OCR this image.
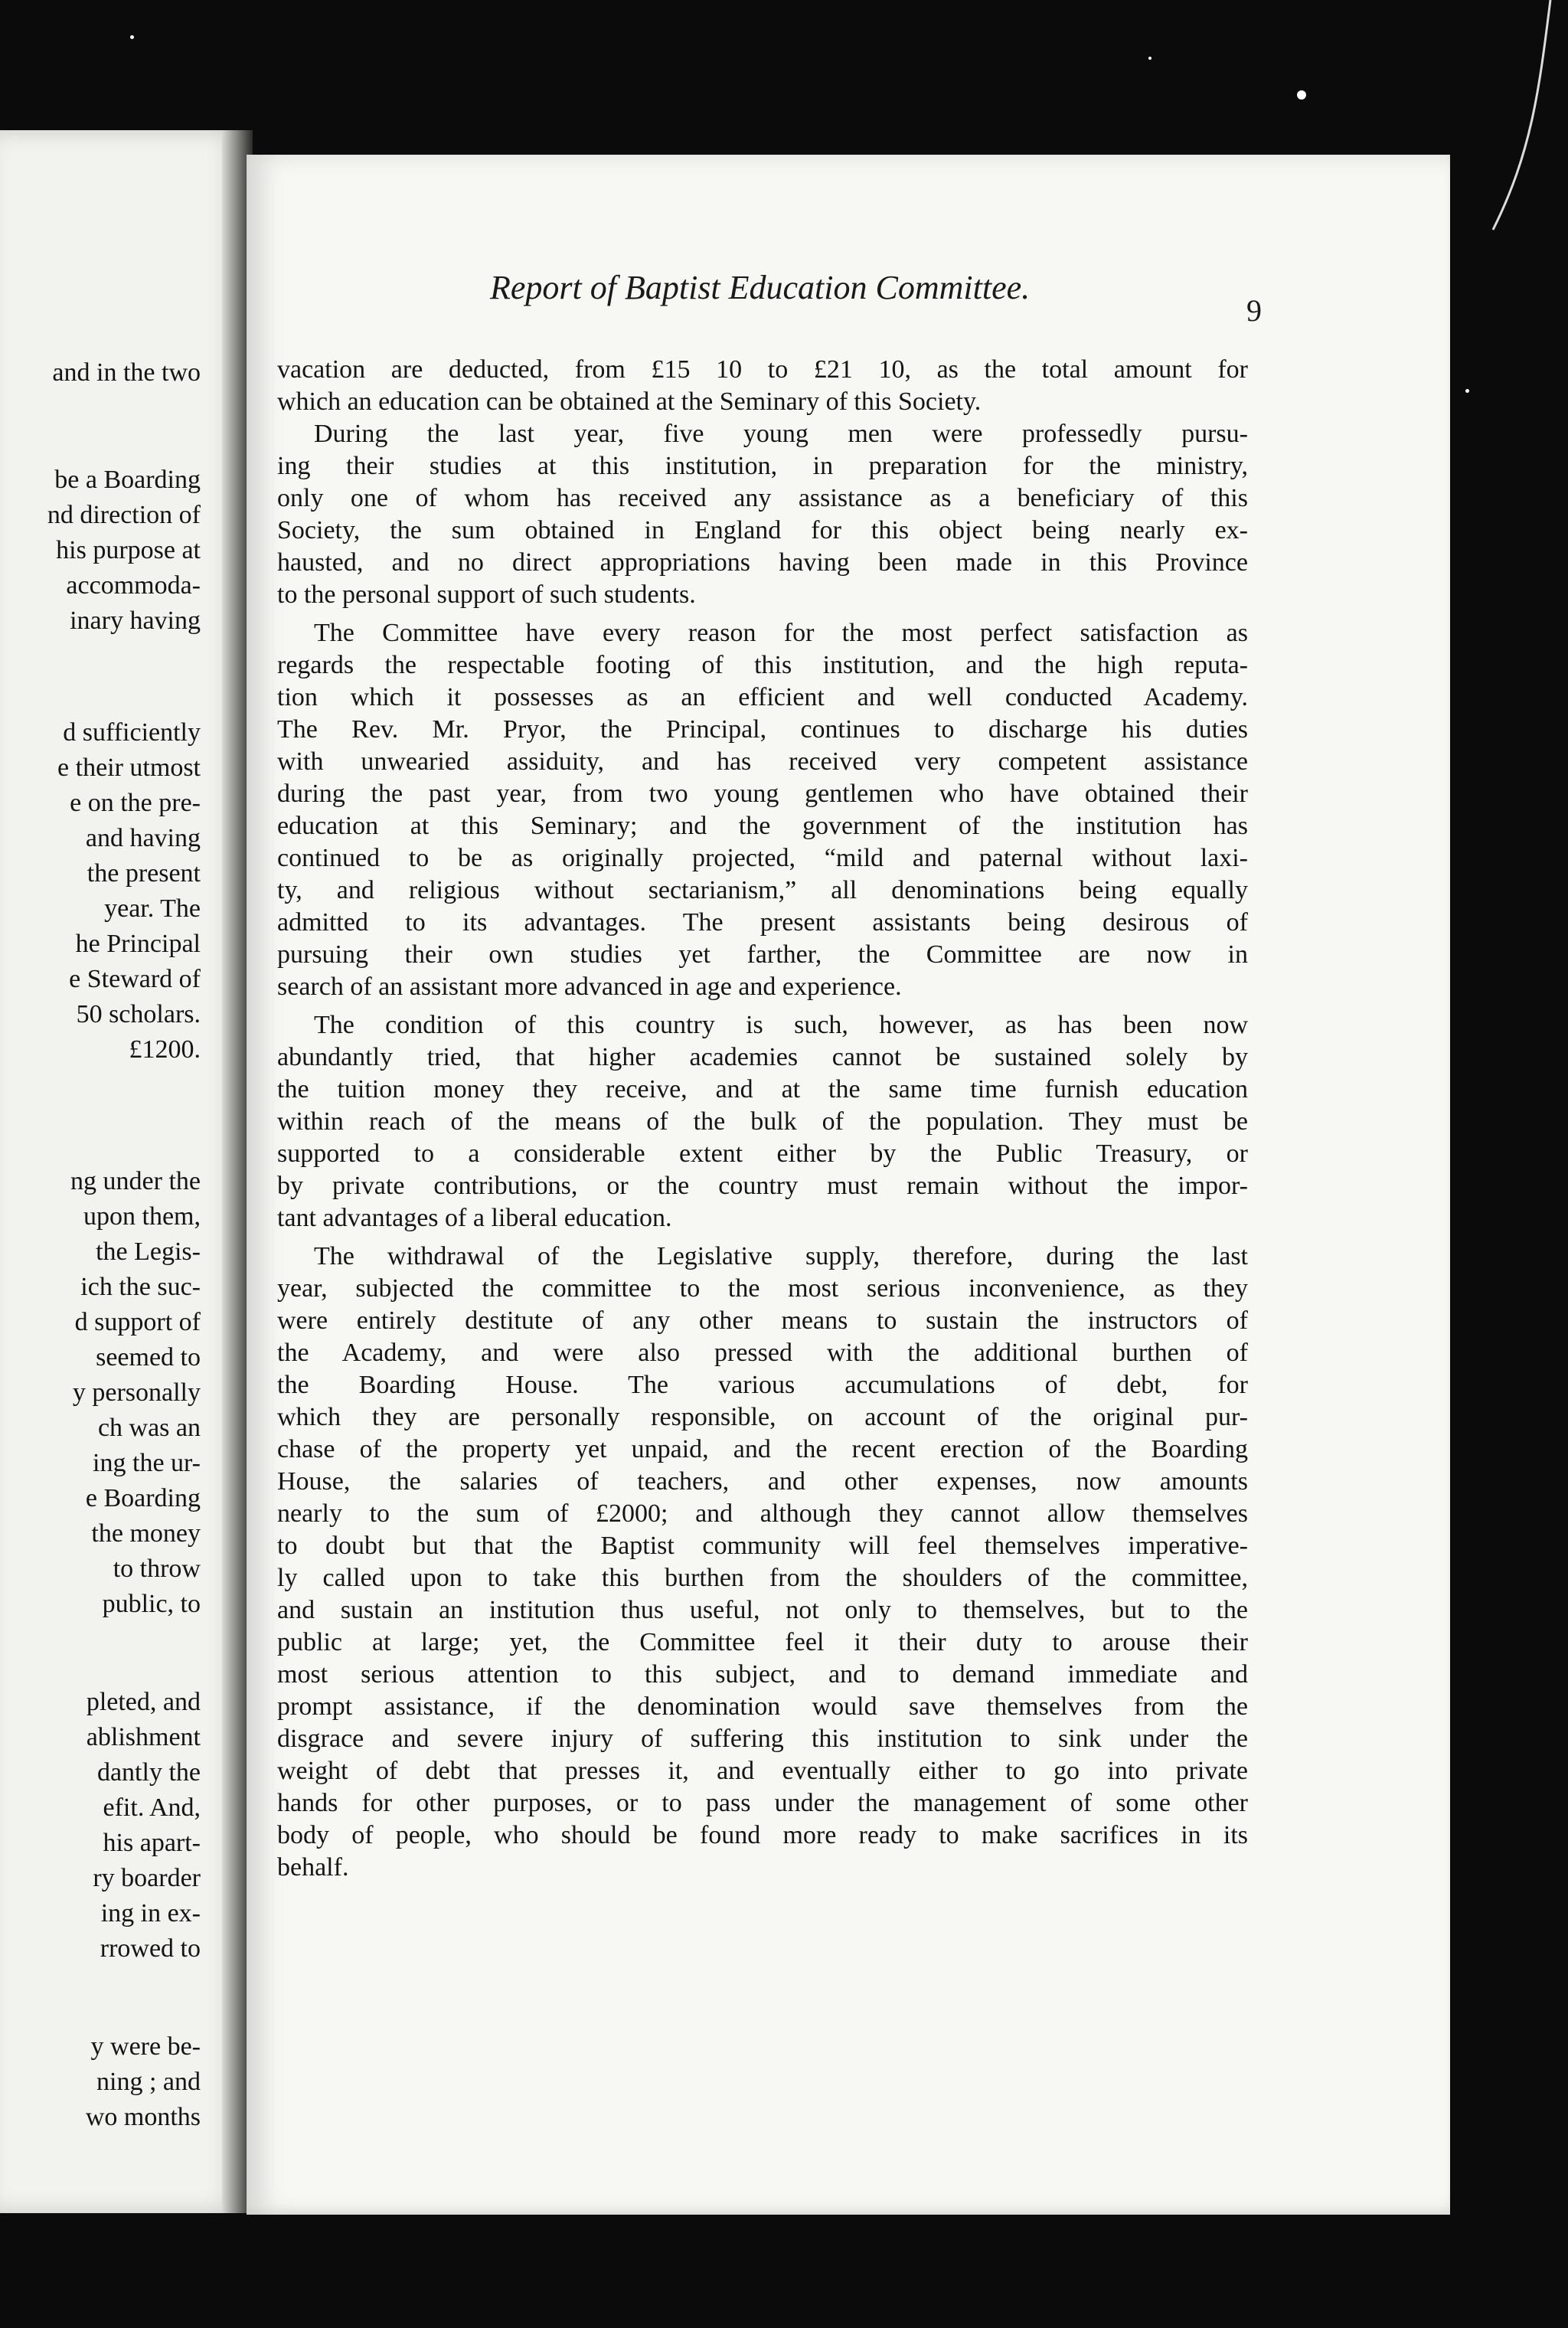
and in the two
be a Boarding
nd direction of
his purpose at
accommoda-
inary having
d sufficiently
e their utmost
e on the pre-
and having
the present
year. The
he Principal
e Steward of
50 scholars.
£1200.
ng under the
upon them,
the Legis-
ich the suc-
d support of
seemed to
y personally
ch was an
ing the ur-
e Boarding
the money
to throw
public, to
pleted, and
ablishment
dantly the
efit. And,
his apart-
ry boarder
ing in ex-
rrowed to
y were be-
ning ; and
wo months
Report of Baptist Education Committee.
9
vacation are deducted, from £15 10 to £21 10, as the total amount for
which an education can be obtained at the Seminary of this Society.
During the last year, five young men were professedly pursu-
ing their studies at this institution, in preparation for the ministry,
only one of whom has received any assistance as a beneficiary of this
Society, the sum obtained in England for this object being nearly ex-
hausted, and no direct appropriations having been made in this Province
to the personal support of such students.
The Committee have every reason for the most perfect satisfaction as
regards the respectable footing of this institution, and the high reputa-
tion which it possesses as an efficient and well conducted Academy.
The Rev. Mr. Pryor, the Principal, continues to discharge his duties
with unwearied assiduity, and has received very competent assistance
during the past year, from two young gentlemen who have obtained their
education at this Seminary; and the government of the institution has
continued to be as originally projected, “mild and paternal without laxi-
ty, and religious without sectarianism,” all denominations being equally
admitted to its advantages. The present assistants being desirous of
pursuing their own studies yet farther, the Committee are now in
search of an assistant more advanced in age and experience.
The condition of this country is such, however, as has been now
abundantly tried, that higher academies cannot be sustained solely by
the tuition money they receive, and at the same time furnish education
within reach of the means of the bulk of the population. They must be
supported to a considerable extent either by the Public Treasury, or
by private contributions, or the country must remain without the impor-
tant advantages of a liberal education.
The withdrawal of the Legislative supply, therefore, during the last
year, subjected the committee to the most serious inconvenience, as they
were entirely destitute of any other means to sustain the instructors of
the Academy, and were also pressed with the additional burthen of
the Boarding House. The various accumulations of debt, for
which they are personally responsible, on account of the original pur-
chase of the property yet unpaid, and the recent erection of the Boarding
House, the salaries of teachers, and other expenses, now amounts
nearly to the sum of £2000; and although they cannot allow themselves
to doubt but that the Baptist community will feel themselves imperative-
ly called upon to take this burthen from the shoulders of the committee,
and sustain an institution thus useful, not only to themselves, but to the
public at large; yet, the Committee feel it their duty to arouse their
most serious attention to this subject, and to demand immediate and
prompt assistance, if the denomination would save themselves from the
disgrace and severe injury of suffering this institution to sink under the
weight of debt that presses it, and eventually either to go into private
hands for other purposes, or to pass under the management of some other
body of people, who should be found more ready to make sacrifices in its
behalf.
